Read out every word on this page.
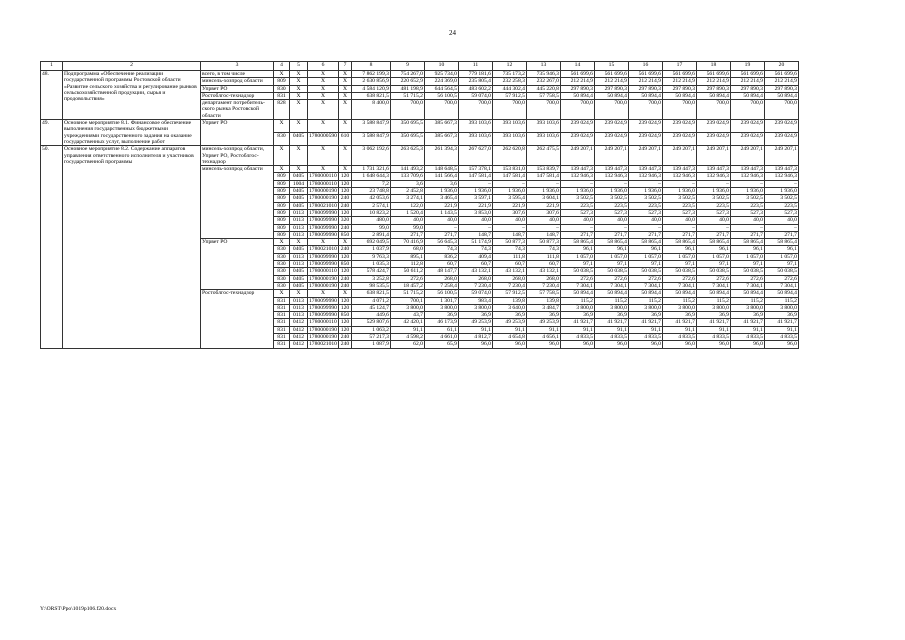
24
1	2	3	4	5	6	7	8	9	10	11	12	13	14	15	16	17	18	19	20
48.	Подпрограмма «Обеспечение реализации государственной программы Ростовской области «Развитие сельского хозяйства и регулирование рынков сельскохозяйственной продукции, сырья и продовольствия»	всего, в том числе	X	X	X	X	7 862 199,3	754 267,0	925 734,0	779 181,6	735 173,2	735 946,3	561 699,6	561 699,6	561 699,6	561 699,6	561 699,6	561 699,6	561 699,6
		минсель-хозпрод области	809	X	X	X	2 630 856,9	220 652,9	224 369,0	235 805,4	232 258,3	232 267,0	212 214,9	212 214,9	212 214,9	212 214,9	212 214,9	212 214,9	212 214,9
		Упрвет РО	830	X	X	X	4 584 120,9	481 198,9	644 564,5	483 602,2	444 302,4	445 220,8	297 890,3	297 890,3	297 890,3	297 890,3	297 890,3	297 890,3	297 890,3
		Ростоблгос-технадзор	831	X	X	X	638 821,5	51 715,2	56 100,5	59 074,0	57 912,5	57 758,5	50 894,4	50 894,4	50 894,4	50 894,4	50 894,4	50 894,4	50 894,4
		департамент потребитель-ского рынка Ростовской области	828	X	X	X	8 400,0	700,0	700,0	700,0	700,0	700,0	700,0	700,0	700,0	700,0	700,0	700,0	700,0
49.	Основное мероприятие 8.1. Финансовое обеспечение выполнения государственных бюджетными учреждениями государственного задания на оказание государственных услуг, выполнение работ	Упрвет РО	X	X	X	X	3 588 847,9	350 695,5	385 667,3	393 103,6	393 103,6	393 103,6	239 024,9	239 024,9	239 024,9	239 024,9	239 024,9	239 024,9	239 024,9
			830	0405	1780000590	610	3 588 847,9	350 695,5	385 667,3	393 103,6	393 103,6	393 103,6	239 024,9	239 024,9	239 024,9	239 024,9	239 024,9	239 024,9	239 024,9
50.	Основное мероприятие 8.2. Содержание аппаратов управления ответственного исполнителя и участников государственной программы	минсель-хозпрод области, Упрвет РО, Ростоблгос-технадзор	X	X	X	X	3 062 192,6	263 625,3	261 394,3	267 627,0	262 620,8	262 475,5	249 207,1	249 207,1	249 207,1	249 207,1	249 207,1	249 207,1	249 207,1
		минсель-хозпрод области	X	X	X	X	1 731 321,6	141 493,2	148 648,5	157 378,1	153 831,0	153 839,7	139 447,3	139 447,3	139 447,3	139 447,3	139 447,3	139 447,3	139 447,3
			809	0405	1780000110	120	1 648 644,3	133 709,6	141 566,4	147 581,4	147 581,4	147 581,4	132 946,3	132 946,3	132 946,3	132 946,3	132 946,3	132 946,3	132 946,3
			809	1004	1780000110	120	7,2	3,6	3,6	–	–	–	–	–	–	–	–	–	–
			809	0405	1780000190	120	23 748,8	2 452,8	1 936,0	1 936,0	1 936,0	1 936,0	1 936,0	1 936,0	1 936,0	1 936,0	1 936,0	1 936,0	1 936,0
			809	0405	1780000190	240	42 053,6	3 274,1	3 465,4	3 597,1	3 595,4	3 604,1	3 502,5	3 502,5	3 502,5	3 502,5	3 502,5	3 502,5	3 502,5
			809	0405	1780021010	240	2 574,1	122,0	221,9	221,9	221,9	221,9	223,5	223,5	223,5	223,5	223,5	223,5	223,5
			809	0113	1780099990	120	10 823,2	1 520,4	1 143,5	3 853,0	307,6	307,6	527,3	527,3	527,3	527,3	527,3	527,3	527,3
			809	0113	1780099990	320	480,0	40,0	40,0	40,0	40,0	40,0	40,0	40,0	40,0	40,0	40,0	40,0	40,0
			809	0113	1780099990	240	99,0	99,0	–	–	–	–	–	–	–	–	–	–	–
			809	0113	1780099990	850	2 891,4	271,7	271,7	148,7	148,7	148,7	271,7	271,7	271,7	271,7	271,7	271,7	271,7
		Упрвет РО	X	X	X	X	692 049,5	70 416,9	56 645,3	51 174,9	50 877,3	50 877,3	58 865,4	58 865,4	58 865,4	58 865,4	58 865,4	58 865,4	58 865,4
			830	0405	1780021010	240	1 037,9	68,0	74,3	74,3	74,3	74,3	96,1	96,1	96,1	96,1	96,1	96,1	96,1
			830	0113	1780099990	120	9 763,3	895,1	836,2	409,4	111,8	111,8	1 057,0	1 057,0	1 057,0	1 057,0	1 057,0	1 057,0	1 057,0
			830	0113	1780099990	850	1 035,3	112,8	60,7	60,7	60,7	60,7	97,1	97,1	97,1	97,1	97,1	97,1	97,1
			830	0405	1780000110	120	578 424,7	50 611,2	48 147,7	43 132,1	43 132,1	43 132,1	50 038,5	50 038,5	50 038,5	50 038,5	50 038,5	50 038,5	50 038,5
			830	0405	1780000190	240	3 252,8	272,6	268,0	268,0	268,0	268,0	272,6	272,6	272,6	272,6	272,6	272,6	272,6
			830	0405	1780000190	240	98 535,5	18 457,2	7 258,4	7 230,4	7 230,4	7 230,4	7 304,1	7 304,1	7 304,1	7 304,1	7 304,1	7 304,1	7 304,1
		Ростоблгос-технадзор	X	X	X	X	638 821,5	51 715,2	56 100,5	59 074,0	57 912,5	57 758,5	50 894,4	50 894,4	50 894,4	50 894,4	50 894,4	50 894,4	50 894,4
			831	0113	1780099990	120	4 071,2	700,1	1 301,7	983,4	139,8	139,8	115,2	115,2	115,2	115,2	115,2	115,2	115,2
			831	0113	1780099990	120	45 124,7	3 800,0	3 800,0	3 800,0	3 640,0	3 484,7	3 800,0	3 800,0	3 800,0	3 800,0	3 800,0	3 800,0	3 800,0
			831	0113	1780099990	850	449,6	43,7	36,9	36,9	36,9	36,9	36,9	36,9	36,9	36,9	36,9	36,9	36,9
			831	0412	1780000110	120	529 807,6	42 420,1	46 173,9	49 253,9	49 253,9	49 253,9	41 921,7	41 921,7	41 921,7	41 921,7	41 921,7	41 921,7	41 921,7
			831	0412	1780000190	120	1 063,2	91,1	61,1	91,1	91,1	91,1	91,1	91,1	91,1	91,1	91,1	91,1	91,1
			831	0412	1780000190	240	57 217,3	4 598,2	4 661,0	4 812,7	4 654,8	4 656,1	4 833,5	4 833,5	4 833,5	4 833,5	4 833,5	4 833,5	4 833,5
			831	0412	1780021010	240	1 087,9	62,0	65,9	96,0	96,0	96,0	96,0	96,0	96,0	96,0	96,0	96,0	96,0
Y:\ORST\Ppo\1019p106.f20.docx
